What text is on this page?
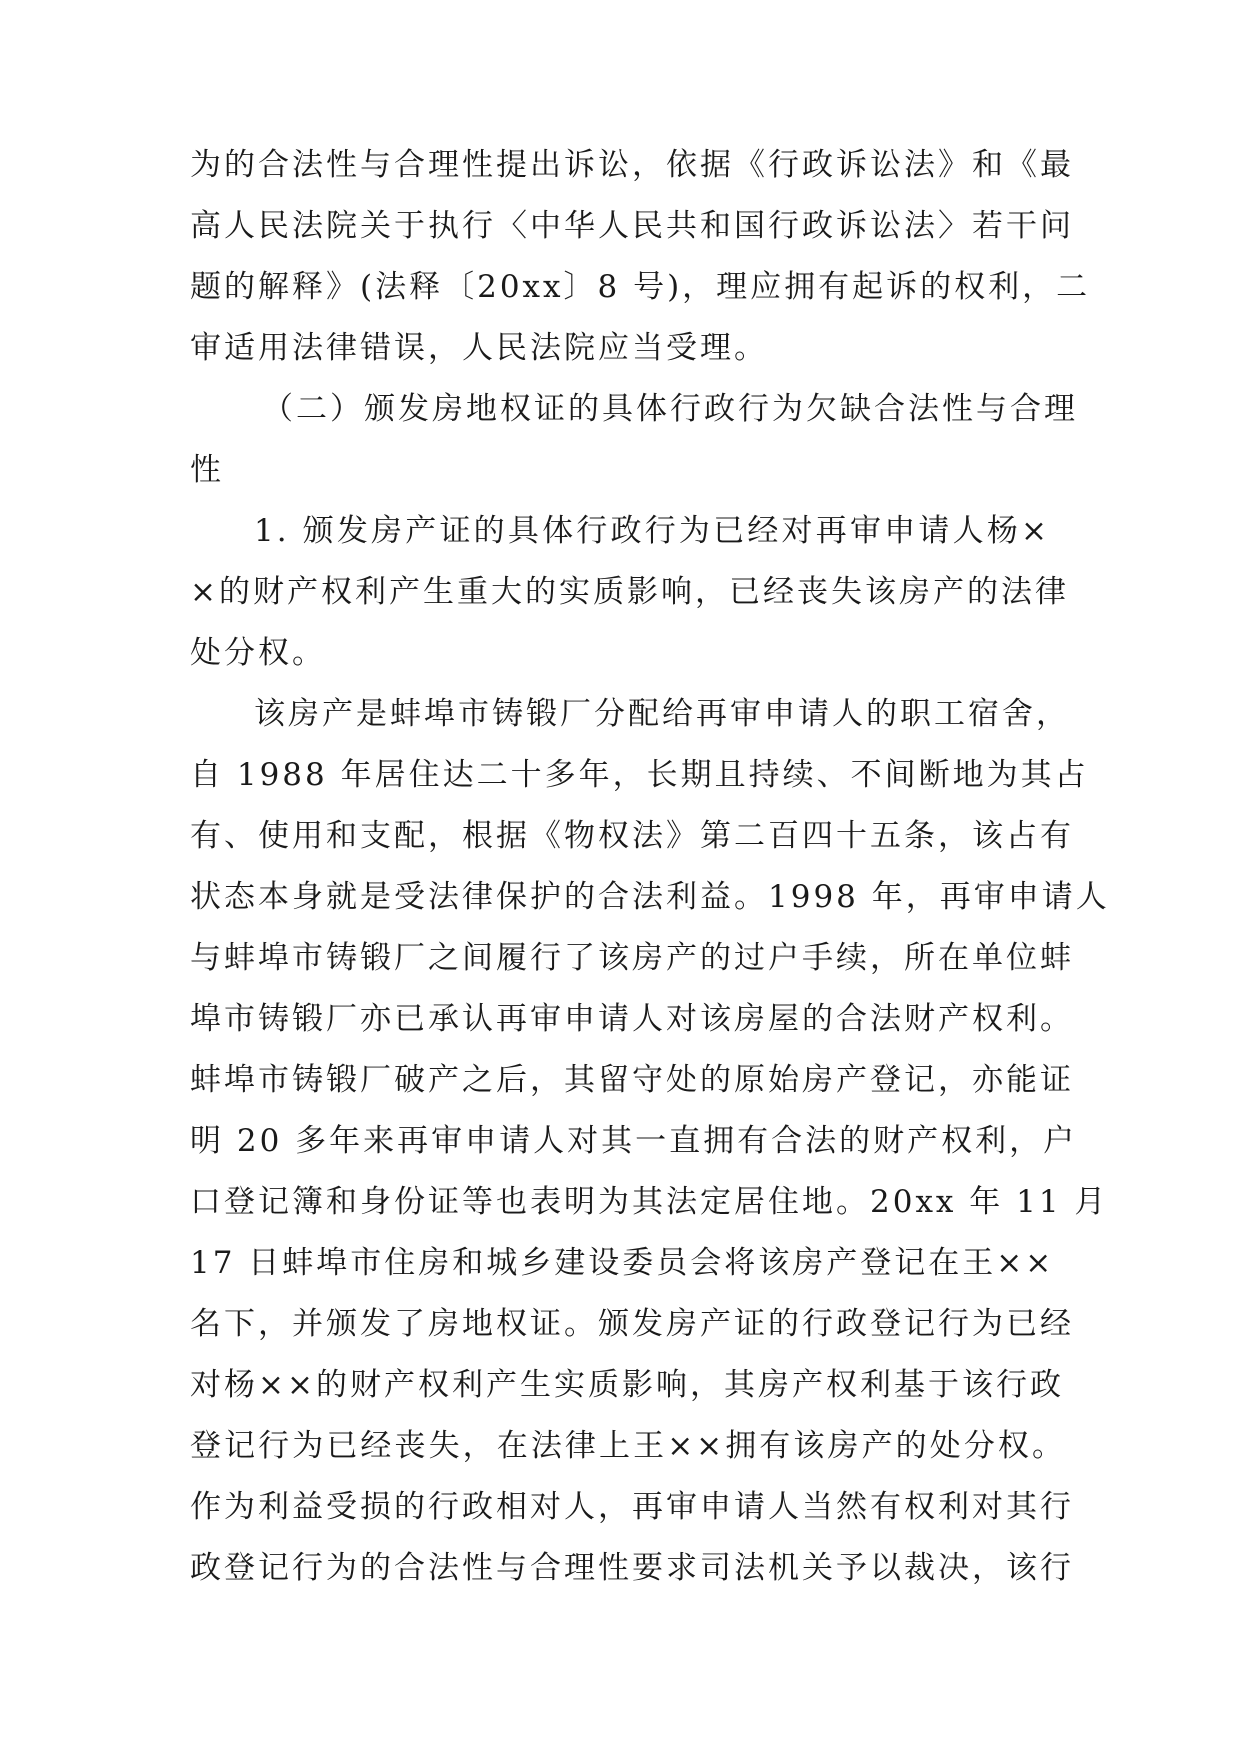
为的合法性与合理性提出诉讼，依据《行政诉讼法》和《最
高人民法院关于执行〈中华人民共和国行政诉讼法〉若干问
题的解释》(法释〔20xx〕8 号)，理应拥有起诉的权利，二
审适用法律错误，人民法院应当受理。
（二）颁发房地权证的具体行政行为欠缺合法性与合理
性
1. 颁发房产证的具体行政行为已经对再审申请人杨×
×的财产权利产生重大的实质影响，已经丧失该房产的法律
处分权。
该房产是蚌埠市铸锻厂分配给再审申请人的职工宿舍，
自 1988 年居住达二十多年，长期且持续、不间断地为其占
有、使用和支配，根据《物权法》第二百四十五条，该占有
状态本身就是受法律保护的合法利益。1998 年，再审申请人
与蚌埠市铸锻厂之间履行了该房产的过户手续，所在单位蚌
埠市铸锻厂亦已承认再审申请人对该房屋的合法财产权利。
蚌埠市铸锻厂破产之后，其留守处的原始房产登记，亦能证
明 20 多年来再审申请人对其一直拥有合法的财产权利，户
口登记簿和身份证等也表明为其法定居住地。20xx 年 11 月
17 日蚌埠市住房和城乡建设委员会将该房产登记在王××
名下，并颁发了房地权证。颁发房产证的行政登记行为已经
对杨××的财产权利产生实质影响，其房产权利基于该行政
登记行为已经丧失，在法律上王××拥有该房产的处分权。
作为利益受损的行政相对人，再审申请人当然有权利对其行
政登记行为的合法性与合理性要求司法机关予以裁决，该行
